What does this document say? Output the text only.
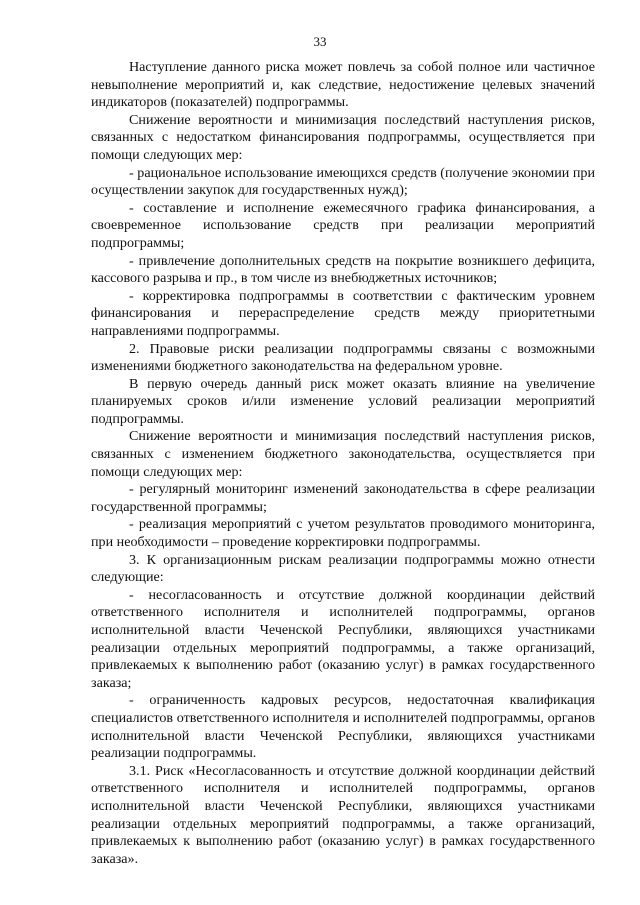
33

Наступление данного риска может повлечь за собой полное или частичное невыполнение мероприятий и, как следствие, недостижение целевых значений индикаторов (показателей) подпрограммы.

Снижение вероятности и минимизация последствий наступления рисков, связанных с недостатком финансирования подпрограммы, осуществляется при помощи следующих мер:

- рациональное использование имеющихся средств (получение экономии при осуществлении закупок для государственных нужд);

- составление и исполнение ежемесячного графика финансирования, а своевременное использование средств при реализации мероприятий подпрограммы;

- привлечение дополнительных средств на покрытие возникшего дефицита, кассового разрыва и пр., в том числе из внебюджетных источников;

- корректировка подпрограммы в соответствии с фактическим уровнем финансирования и перераспределение средств между приоритетными направлениями подпрограммы.

2. Правовые риски реализации подпрограммы связаны с возможными изменениями бюджетного законодательства на федеральном уровне.

В первую очередь данный риск может оказать влияние на увеличение планируемых сроков и/или изменение условий реализации мероприятий подпрограммы.

Снижение вероятности и минимизация последствий наступления рисков, связанных с изменением бюджетного законодательства, осуществляется при помощи следующих мер:

- регулярный мониторинг изменений законодательства в сфере реализации государственной программы;

- реализация мероприятий с учетом результатов проводимого мониторинга, при необходимости – проведение корректировки подпрограммы.

3. К организационным рискам реализации подпрограммы можно отнести следующие:

- несогласованность и отсутствие должной координации действий ответственного исполнителя и исполнителей подпрограммы, органов исполнительной власти Чеченской Республики, являющихся участниками реализации отдельных мероприятий подпрограммы, а также организаций, привлекаемых к выполнению работ (оказанию услуг) в рамках государственного заказа;

- ограниченность кадровых ресурсов, недостаточная квалификация специалистов ответственного исполнителя и исполнителей подпрограммы, органов исполнительной власти Чеченской Республики, являющихся участниками реализации подпрограммы.

3.1. Риск «Несогласованность и отсутствие должной координации действий ответственного исполнителя и исполнителей подпрограммы, органов исполнительной власти Чеченской Республики, являющихся участниками реализации отдельных мероприятий подпрограммы, а также организаций, привлекаемых к выполнению работ (оказанию услуг) в рамках государственного заказа».
